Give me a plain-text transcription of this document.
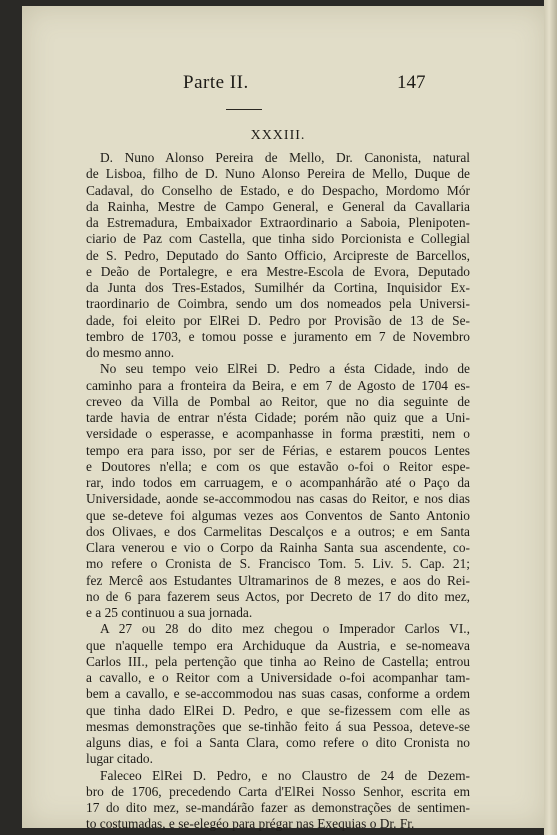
Parte II.	147
XXXIII.
D. Nuno Alonso Pereira de Mello, Dr. Canonista, natural
de Lisboa, filho de D. Nuno Alonso Pereira de Mello, Duque de
Cadaval, do Conselho de Estado, e do Despacho, Mordomo Mór
da Rainha, Mestre de Campo General, e General da Cavallaria
da Estremadura, Embaixador Extraordinario a Saboia, Plenipoten-
ciario de Paz com Castella, que tinha sido Porcionista e Collegial
de S. Pedro, Deputado do Santo Officio, Arcipreste de Barcellos,
e Deão de Portalegre, e era Mestre-Escola de Evora, Deputado
da Junta dos Tres-Estados, Sumilhér da Cortina, Inquisidor Ex-
traordinario de Coimbra, sendo um dos nomeados pela Universi-
dade, foi eleito por ElRei D. Pedro por Provisão de 13 de Se-
tembro de 1703, e tomou posse e juramento em 7 de Novembro
do mesmo anno.
No seu tempo veio ElRei D. Pedro a ésta Cidade, indo de
caminho para a fronteira da Beira, e em 7 de Agosto de 1704 es-
creveo da Villa de Pombal ao Reitor, que no dia seguinte de
tarde havia de entrar n'ésta Cidade; porém não quiz que a Uni-
versidade o esperasse, e acompanhasse in forma præstiti, nem o
tempo era para isso, por ser de Férias, e estarem poucos Lentes
e Doutores n'ella; e com os que estavão o-foi o Reitor espe-
rar, indo todos em carruagem, e o acompanhárão até o Paço da
Universidade, aonde se-accommodou nas casas do Reitor, e nos dias
que se-deteve foi algumas vezes aos Conventos de Santo Antonio
dos Olivaes, e dos Carmelitas Descalços e a outros; e em Santa
Clara venerou e vio o Corpo da Rainha Santa sua ascendente, co-
mo refere o Cronista de S. Francisco Tom. 5. Liv. 5. Cap. 21;
fez Mercê aos Estudantes Ultramarinos de 8 mezes, e aos do Rei-
no de 6 para fazerem seus Actos, por Decreto de 17 do dito mez,
e a 25 continuou a sua jornada.
A 27 ou 28 do dito mez chegou o Imperador Carlos VI.,
que n'aquelle tempo era Archiduque da Austria, e se-nomeava
Carlos III., pela pertenção que tinha ao Reino de Castella; entrou
a cavallo, e o Reitor com a Universidade o-foi acompanhar tam-
bem a cavallo, e se-accommodou nas suas casas, conforme a ordem
que tinha dado ElRei D. Pedro, e que se-fizessem com elle as
mesmas demonstrações que se-tinhão feito á sua Pessoa, deteve-se
alguns dias, e foi a Santa Clara, como refere o dito Cronista no
lugar citado.
Faleceo ElRei D. Pedro, e no Claustro de 24 de Dezem-
bro de 1706, precedendo Carta d'ElRei Nosso Senhor, escrita em
17 do dito mez, se-mandárão fazer as demonstrações de sentimen-
to costumadas, e se-elegéo para prégar nas Exequias o Dr. Fr.
